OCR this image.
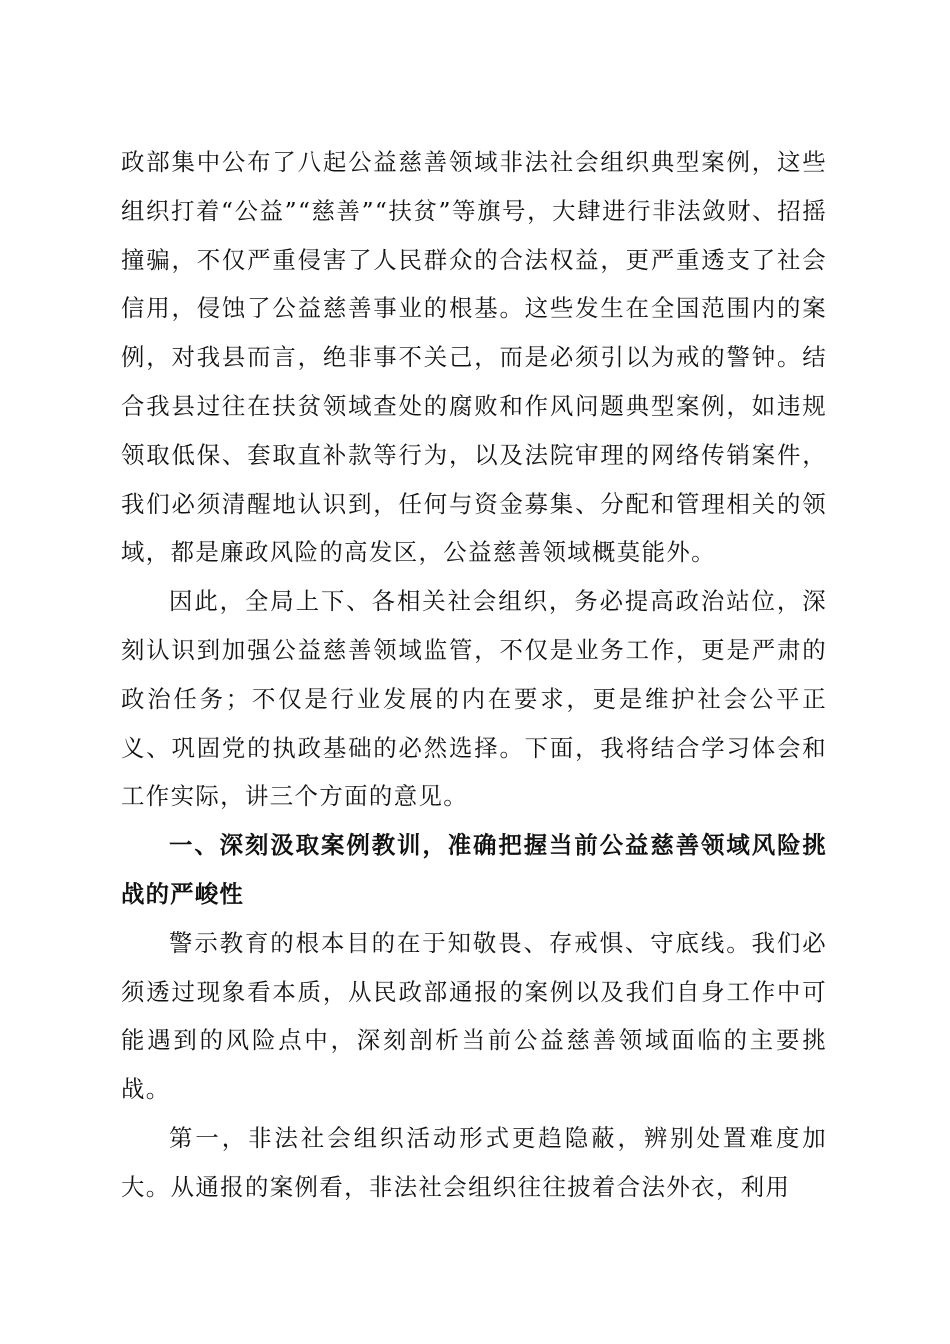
政部集中公布了八起公益慈善领域非法社会组织典型案例，这些组织打着“公益”“慈善”“扶贫”等旗号，大肆进行非法敛财、招摇撞骗，不仅严重侵害了人民群众的合法权益，更严重透支了社会信用，侵蚀了公益慈善事业的根基。这些发生在全国范围内的案例，对我县而言，绝非事不关己，而是必须引以为戒的警钟。结合我县过往在扶贫领域查处的腐败和作风问题典型案例，如违规领取低保、套取直补款等行为，以及法院审理的网络传销案件，我们必须清醒地认识到，任何与资金募集、分配和管理相关的领域，都是廉政风险的高发区，公益慈善领域概莫能外。

因此，全局上下、各相关社会组织，务必提高政治站位，深刻认识到加强公益慈善领域监管，不仅是业务工作，更是严肃的政治任务；不仅是行业发展的内在要求，更是维护社会公平正义、巩固党的执政基础的必然选择。下面，我将结合学习体会和工作实际，讲三个方面的意见。

一、深刻汲取案例教训，准确把握当前公益慈善领域风险挑战的严峻性

警示教育的根本目的在于知敬畏、存戒惧、守底线。我们必须透过现象看本质，从民政部通报的案例以及我们自身工作中可能遇到的风险点中，深刻剖析当前公益慈善领域面临的主要挑战。

第一，非法社会组织活动形式更趋隐蔽，辨别处置难度加大。从通报的案例看，非法社会组织往往披着合法外衣，利用
